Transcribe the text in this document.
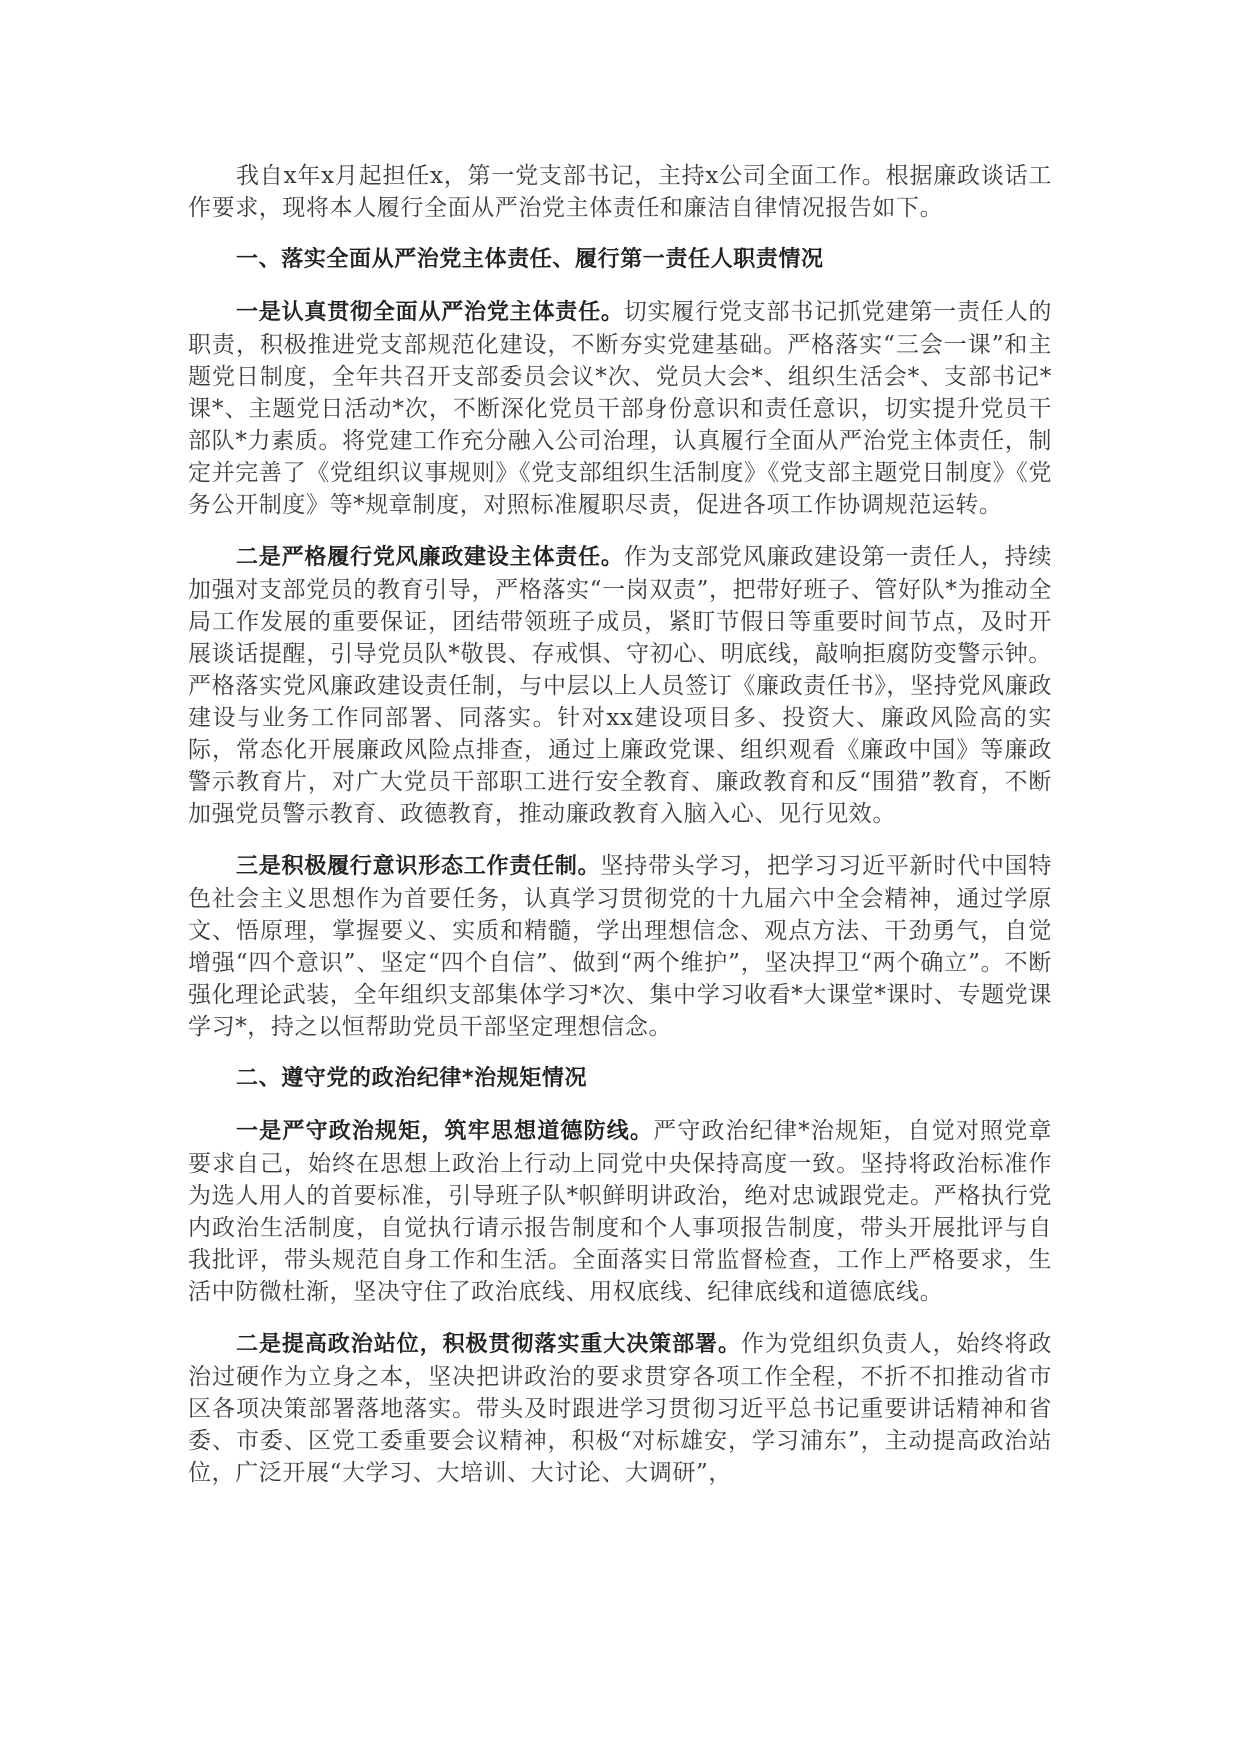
我自x年x月起担任x，第一党支部书记，主持x公司全面工作。根据廉政谈话工作要求，现将本人履行全面从严治党主体责任和廉洁自律情况报告如下。

一、落实全面从严治党主体责任、履行第一责任人职责情况

一是认真贯彻全面从严治党主体责任。切实履行党支部书记抓党建第一责任人的职责，积极推进党支部规范化建设，不断夯实党建基础。严格落实“三会一课”和主题党日制度，全年共召开支部委员会议*次、党员大会*、组织生活会*、支部书记*课*、主题党日活动*次，不断深化党员干部身份意识和责任意识，切实提升党员干部队*力素质。将党建工作充分融入公司治理，认真履行全面从严治党主体责任，制定并完善了《党组织议事规则》《党支部组织生活制度》《党支部主题党日制度》《党务公开制度》等*规章制度，对照标准履职尽责，促进各项工作协调规范运转。

二是严格履行党风廉政建设主体责任。作为支部党风廉政建设第一责任人，持续加强对支部党员的教育引导，严格落实“一岗双责”，把带好班子、管好队*为推动全局工作发展的重要保证，团结带领班子成员，紧盯节假日等重要时间节点，及时开展谈话提醒，引导党员队*敬畏、存戒惧、守初心、明底线，敲响拒腐防变警示钟。严格落实党风廉政建设责任制，与中层以上人员签订《廉政责任书》，坚持党风廉政建设与业务工作同部署、同落实。针对xx建设项目多、投资大、廉政风险高的实际，常态化开展廉政风险点排查，通过上廉政党课、组织观看《廉政中国》等廉政警示教育片，对广大党员干部职工进行安全教育、廉政教育和反“围猎”教育，不断加强党员警示教育、政德教育，推动廉政教育入脑入心、见行见效。

三是积极履行意识形态工作责任制。坚持带头学习，把学习习近平新时代中国特色社会主义思想作为首要任务，认真学习贯彻党的十九届六中全会精神，通过学原文、悟原理，掌握要义、实质和精髓，学出理想信念、观点方法、干劲勇气，自觉增强“四个意识”、坚定“四个自信”、做到“两个维护”，坚决捍卫“两个确立”。不断强化理论武装，全年组织支部集体学习*次、集中学习收看*大课堂*课时、专题党课学习*，持之以恒帮助党员干部坚定理想信念。

二、遵守党的政治纪律*治规矩情况

一是严守政治规矩，筑牢思想道德防线。严守政治纪律*治规矩，自觉对照党章要求自己，始终在思想上政治上行动上同党中央保持高度一致。坚持将政治标准作为选人用人的首要标准，引导班子队*帜鲜明讲政治，绝对忠诚跟党走。严格执行党内政治生活制度，自觉执行请示报告制度和个人事项报告制度，带头开展批评与自我批评，带头规范自身工作和生活。全面落实日常监督检查，工作上严格要求，生活中防微杜渐，坚决守住了政治底线、用权底线、纪律底线和道德底线。

二是提高政治站位，积极贯彻落实重大决策部署。作为党组织负责人，始终将政治过硬作为立身之本，坚决把讲政治的要求贯穿各项工作全程，不折不扣推动省市区各项决策部署落地落实。带头及时跟进学习贯彻习近平总书记重要讲话精神和省委、市委、区党工委重要会议精神，积极“对标雄安，学习浦东”，主动提高政治站位，广泛开展“大学习、大培训、大讨论、大调研”，
